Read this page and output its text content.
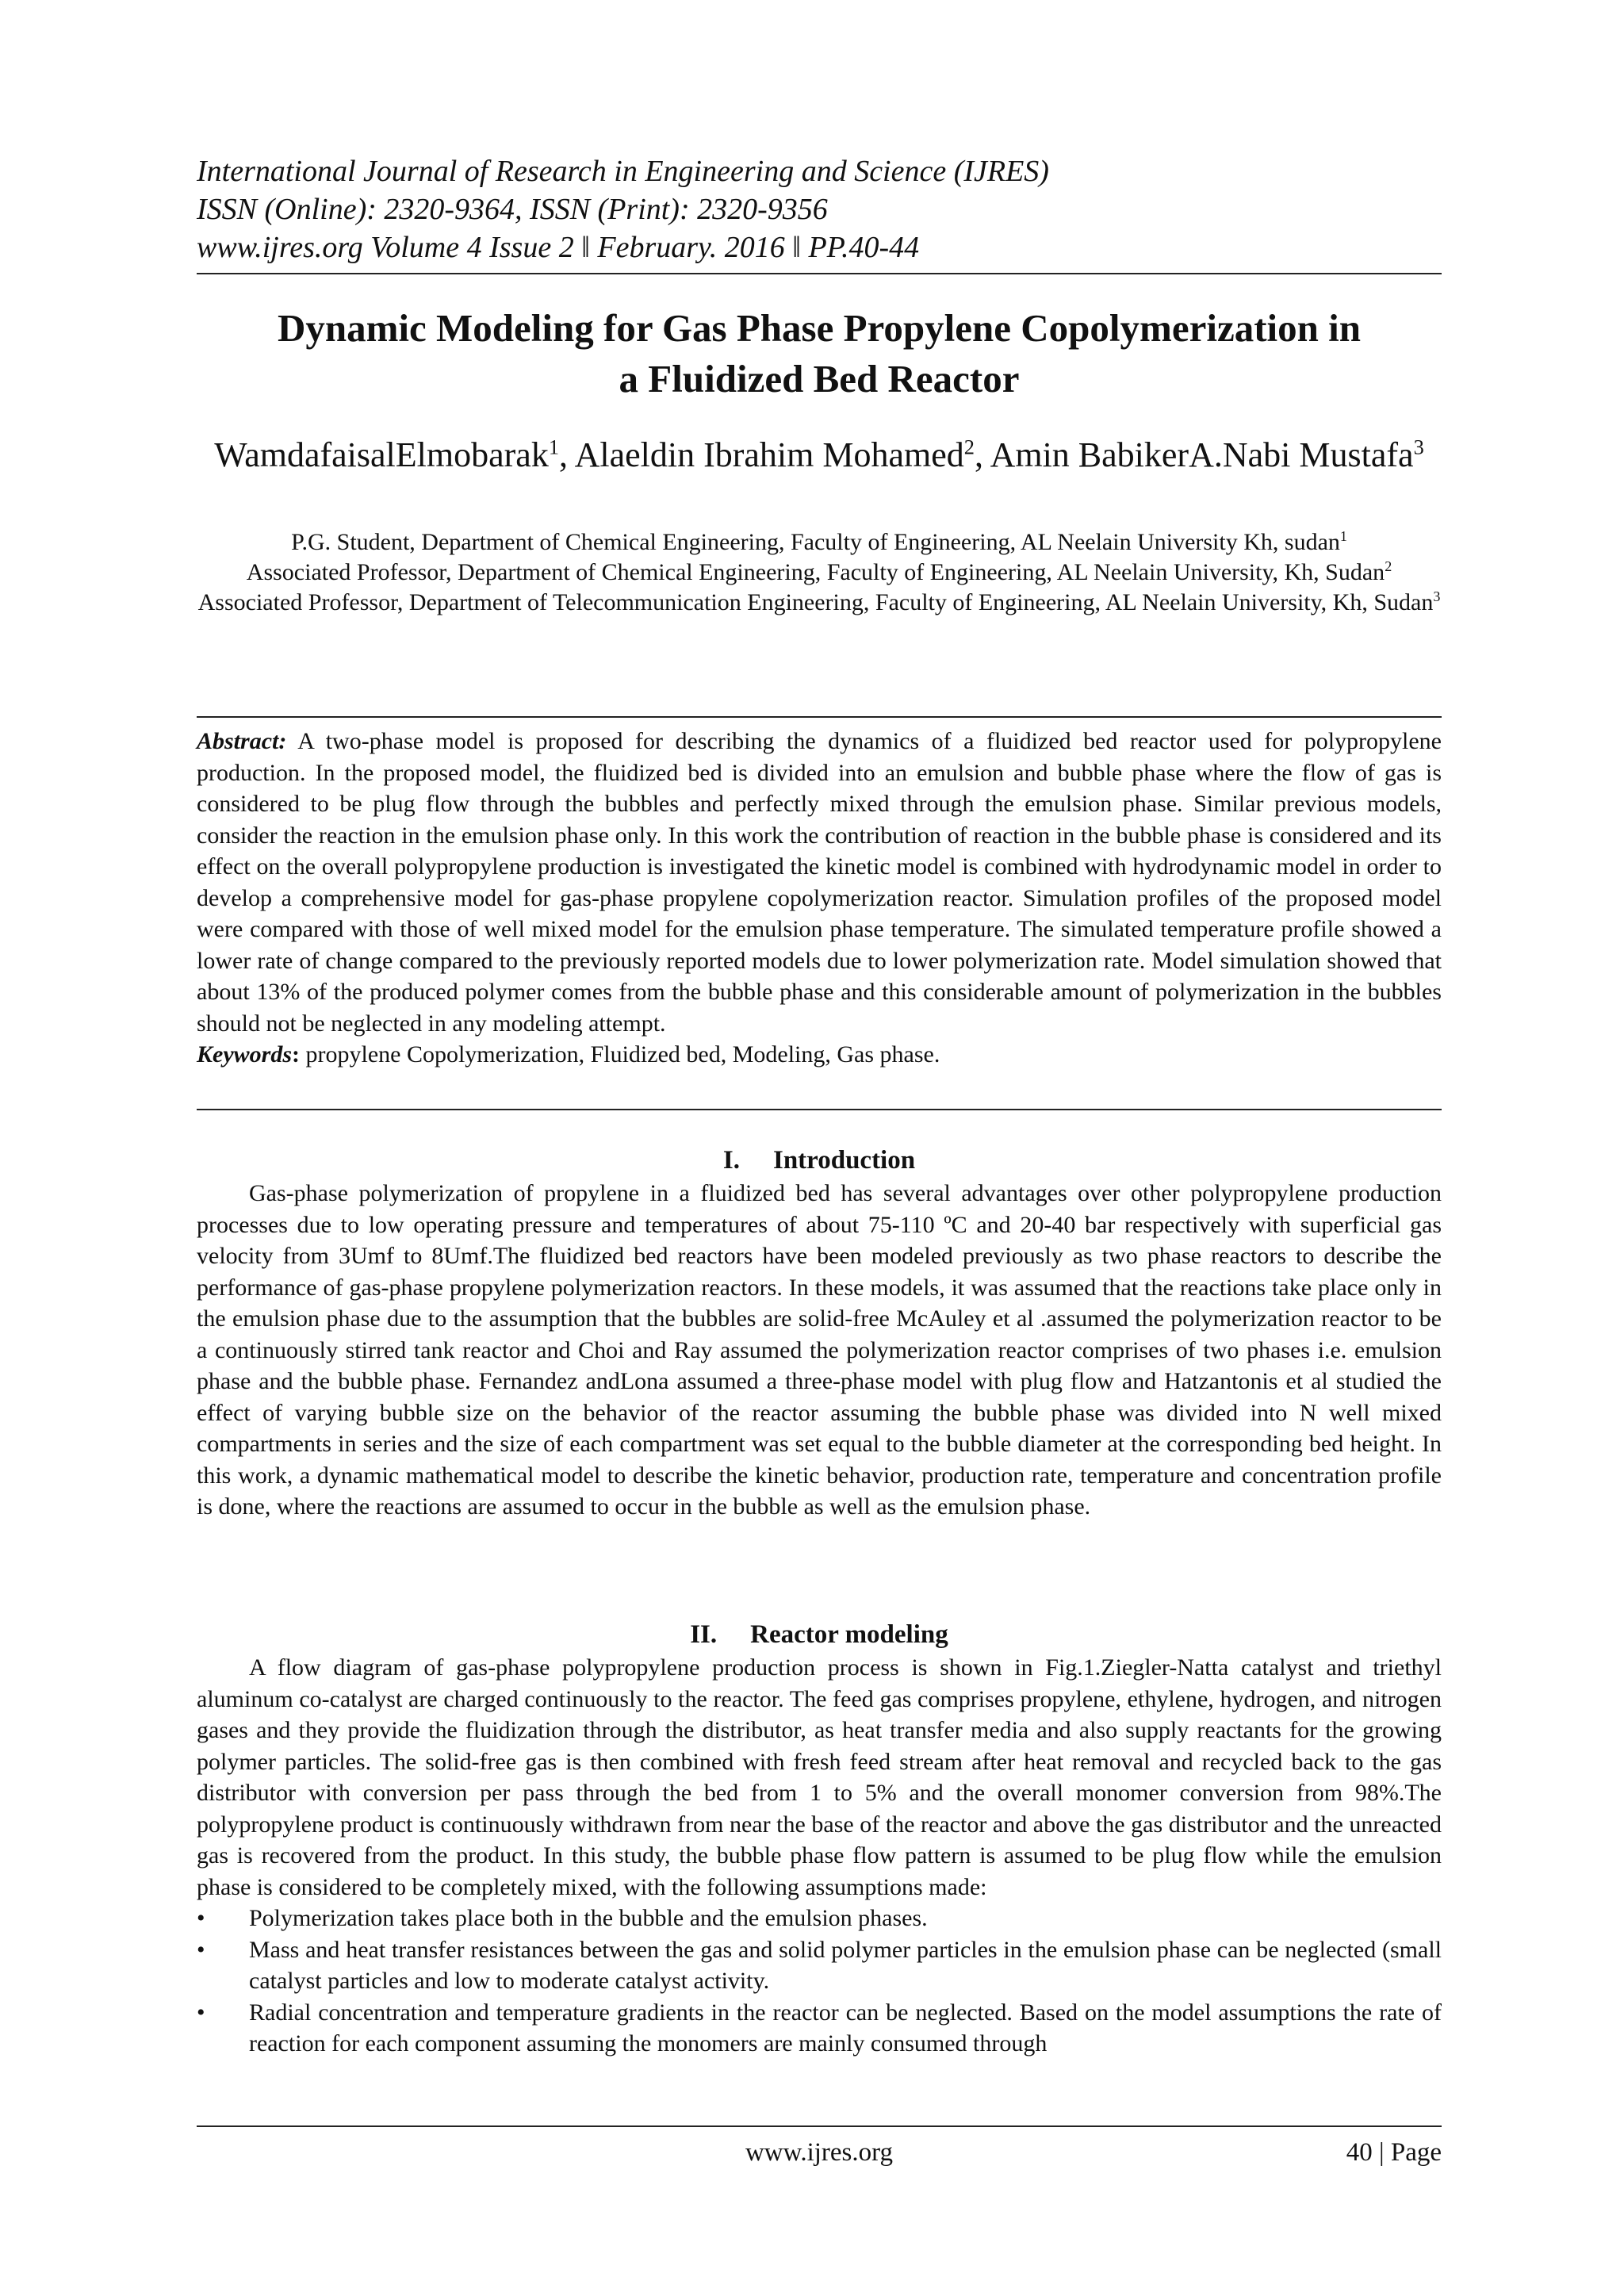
International Journal of Research in Engineering and Science (IJRES)
ISSN (Online): 2320-9364, ISSN (Print): 2320-9356
www.ijres.org Volume 4 Issue 2 ǁ February. 2016 ǁ PP.40-44
Dynamic Modeling for Gas Phase Propylene Copolymerization in
a Fluidized Bed Reactor
WamdafaisalElmobarak$^1$, Alaeldin Ibrahim Mohamed$^2$, Amin BabikerA.Nabi Mustafa$^3$

P.G. Student, Department of Chemical Engineering, Faculty of Engineering, AL Neelain University Kh, sudan$^1$

Associated Professor, Department of Chemical Engineering, Faculty of Engineering, AL Neelain University, Kh, Sudan$^2$

Associated Professor, Department of Telecommunication Engineering, Faculty of Engineering, AL Neelain University, Kh, Sudan$^3$

Abstract: A two-phase model is proposed for describing the dynamics of a fluidized bed reactor used for polypropylene production. In the proposed model, the fluidized bed is divided into an emulsion and bubble phase where the flow of gas is considered to be plug flow through the bubbles and perfectly mixed through the emulsion phase. Similar previous models, consider the reaction in the emulsion phase only. In this work the contribution of reaction in the bubble phase is considered and its effect on the overall polypropylene production is investigated the kinetic model is combined with hydrodynamic model in order to develop a comprehensive model for gas-phase propylene copolymerization reactor. Simulation profiles of the proposed model were compared with those of well mixed model for the emulsion phase temperature. The simulated temperature profile showed a lower rate of change compared to the previously reported models due to lower polymerization rate. Model simulation showed that about 13% of the produced polymer comes from the bubble phase and this considerable amount of polymerization in the bubbles should not be neglected in any modeling attempt.

Keywords: propylene Copolymerization, Fluidized bed, Modeling, Gas phase.

I. Introduction

Gas-phase polymerization of propylene in a fluidized bed has several advantages over other polypropylene production processes due to low operating pressure and temperatures of about 75-110 ºC and 20-40 bar respectively with superficial gas velocity from 3Umf to 8Umf.The fluidized bed reactors have been modeled previously as two phase reactors to describe the performance of gas-phase propylene polymerization reactors. In these models, it was assumed that the reactions take place only in the emulsion phase due to the assumption that the bubbles are solid-free McAuley et al .assumed the polymerization reactor to be a continuously stirred tank reactor and Choi and Ray assumed the polymerization reactor comprises of two phases i.e. emulsion phase and the bubble phase. Fernandez andLona assumed a three-phase model with plug flow and Hatzantonis et al studied the effect of varying bubble size on the behavior of the reactor assuming the bubble phase was divided into N well mixed compartments in series and the size of each compartment was set equal to the bubble diameter at the corresponding bed height. In this work, a dynamic mathematical model to describe the kinetic behavior, production rate, temperature and concentration profile is done, where the reactions are assumed to occur in the bubble as well as the emulsion phase.

II. Reactor modeling

A flow diagram of gas-phase polypropylene production process is shown in Fig.1.Ziegler-Natta catalyst and triethyl aluminum co-catalyst are charged continuously to the reactor. The feed gas comprises propylene, ethylene, hydrogen, and nitrogen gases and they provide the fluidization through the distributor, as heat transfer media and also supply reactants for the growing polymer particles. The solid-free gas is then combined with fresh feed stream after heat removal and recycled back to the gas distributor with conversion per pass through the bed from 1 to 5% and the overall monomer conversion from 98%.The polypropylene product is continuously withdrawn from near the base of the reactor and above the gas distributor and the unreacted gas is recovered from the product. In this study, the bubble phase flow pattern is assumed to be plug flow while the emulsion phase is considered to be completely mixed, with the following assumptions made:

• Polymerization takes place both in the bubble and the emulsion phases.
• Mass and heat transfer resistances between the gas and solid polymer particles in the emulsion phase can be neglected (small catalyst particles and low to moderate catalyst activity.
• Radial concentration and temperature gradients in the reactor can be neglected. Based on the model assumptions the rate of reaction for each component assuming the monomers are mainly consumed through
www.ijres.org	40 | Page
